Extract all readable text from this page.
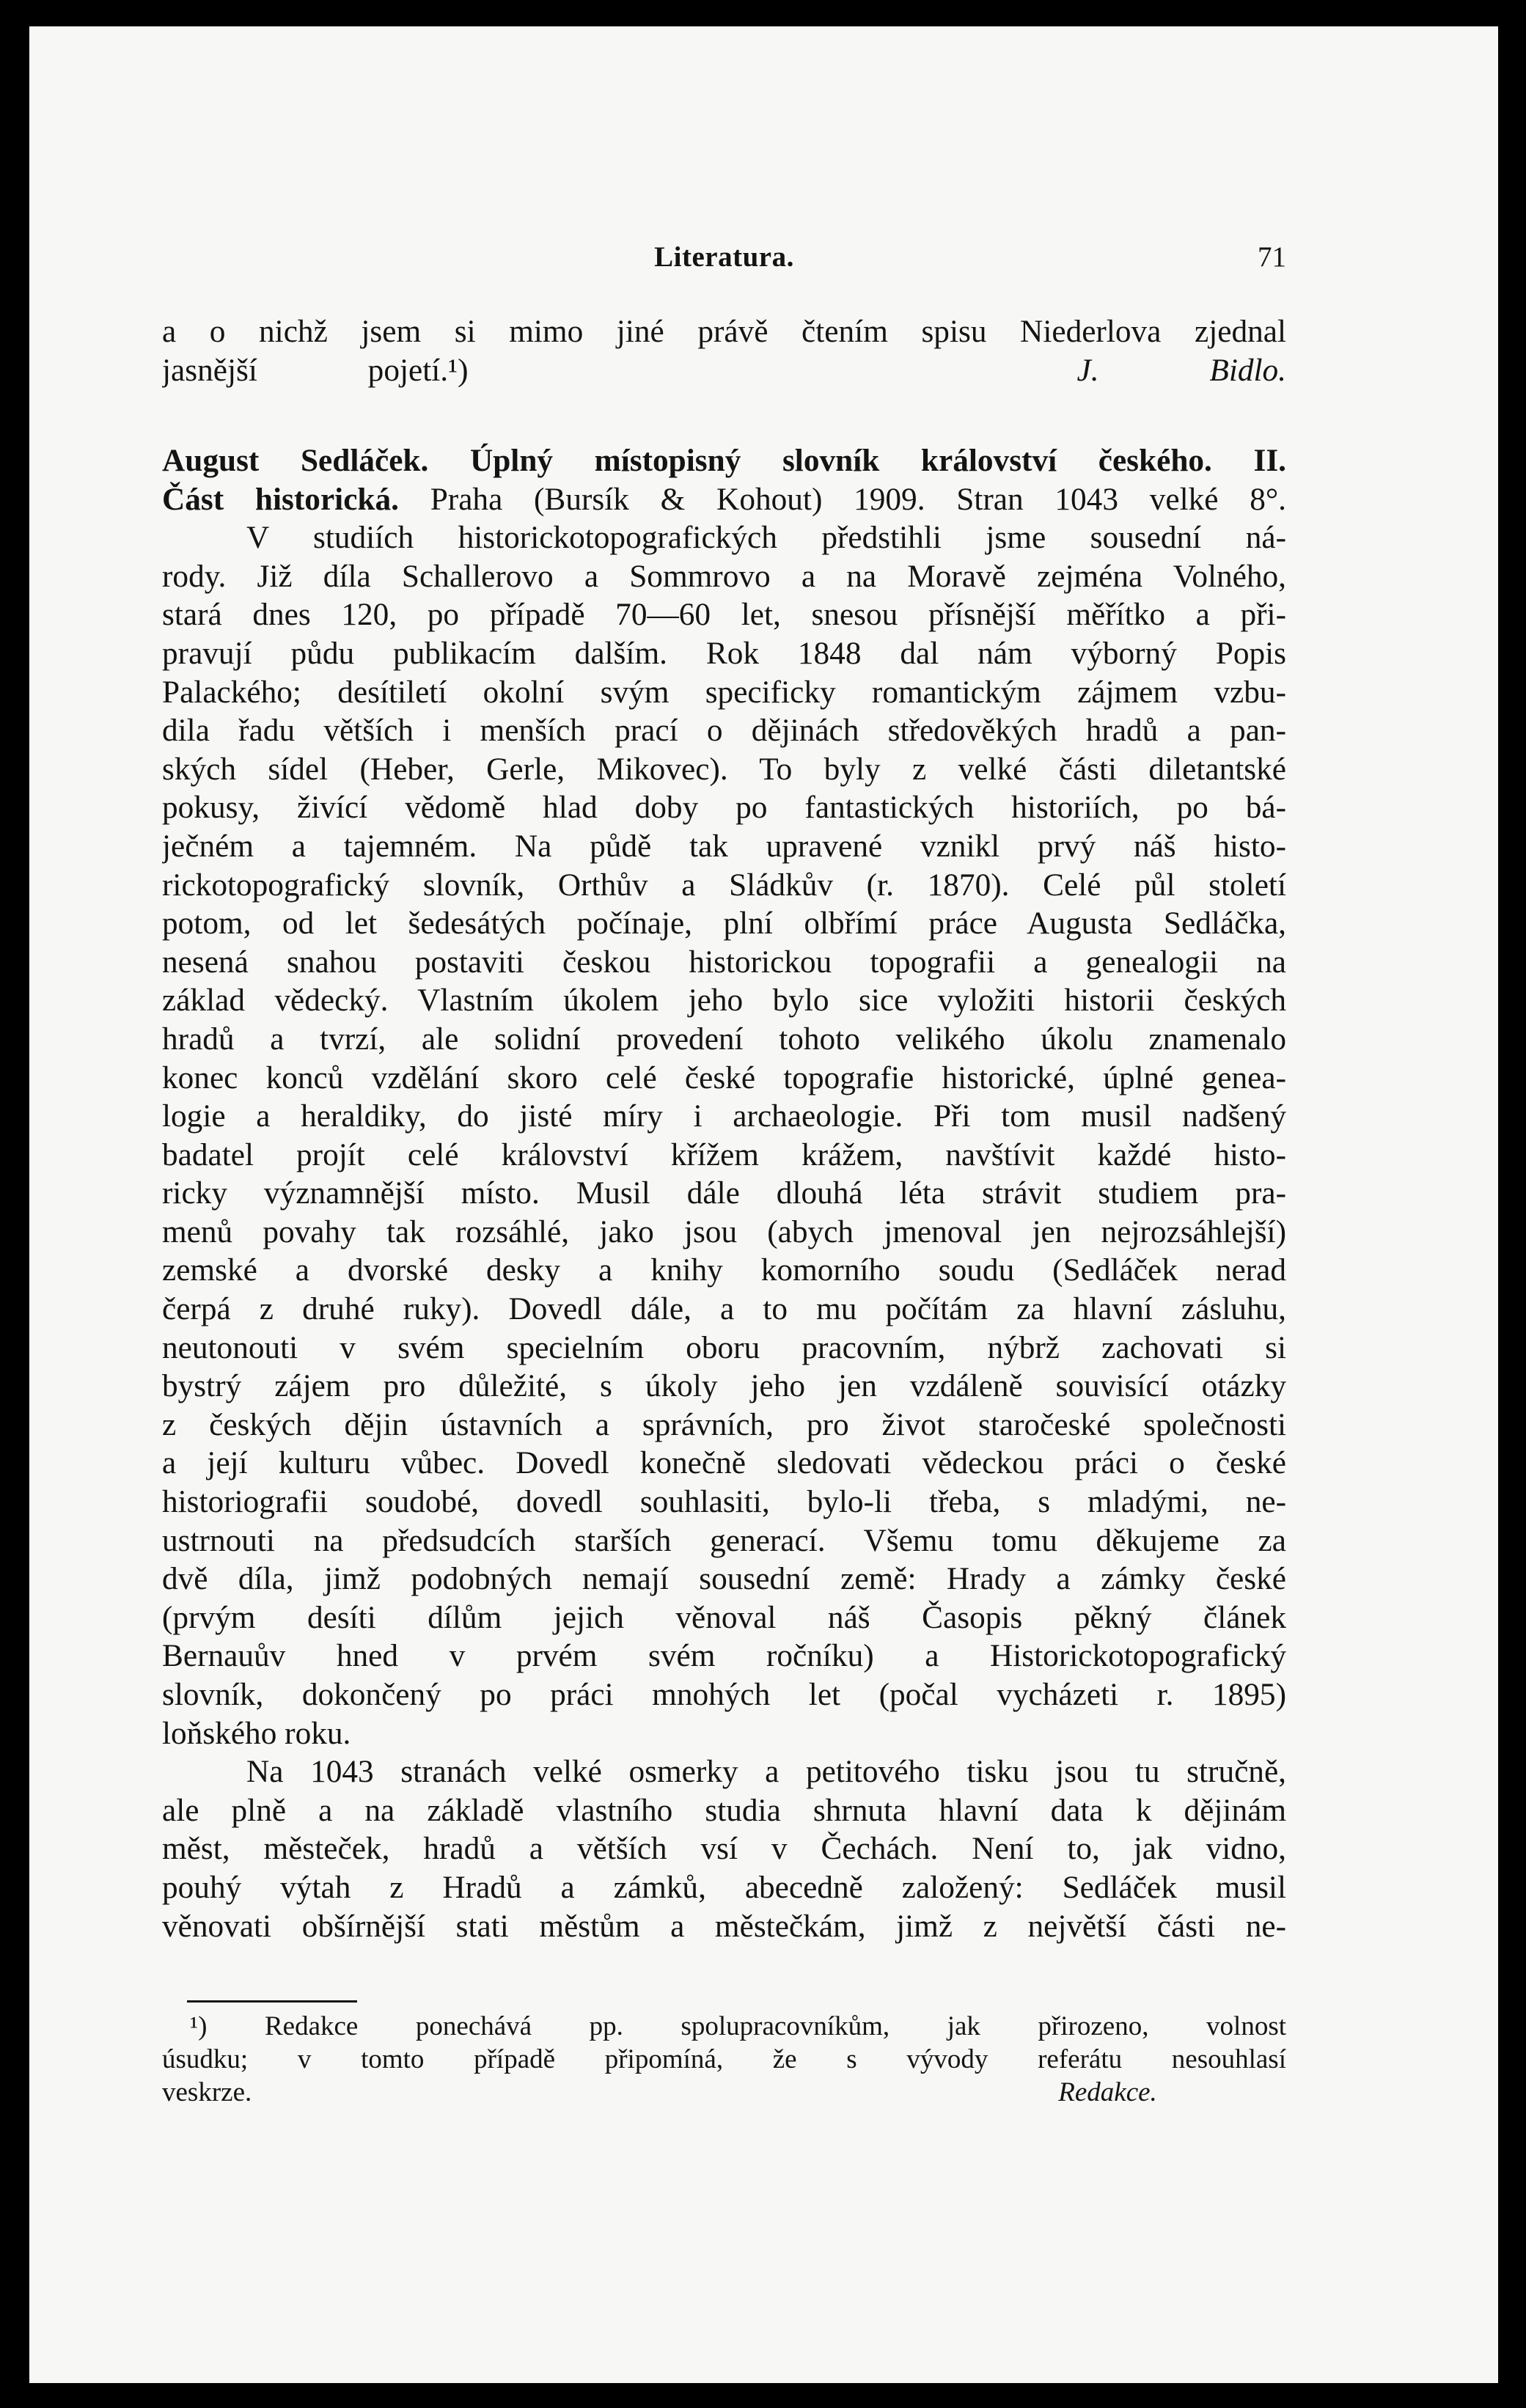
Literatura.	71
a o nichž jsem si mimo jiné právě čtením spisu Niederlova zjednal
jasnější pojetí.¹)	J. Bidlo.
August Sedláček. Úplný místopisný slovník království českého. II.
Část historická. Praha (Bursík & Kohout) 1909. Stran 1043 velké 8°.
V studiích historickotopografických předstihli jsme sousední ná-
rody. Již díla Schallerovo a Sommrovo a na Moravě zejména Volného,
stará dnes 120, po případě 70—60 let, snesou přísnější měřítko a při-
pravují půdu publikacím dalším. Rok 1848 dal nám výborný Popis
Palackého; desítiletí okolní svým specificky romantickým zájmem vzbu-
dila řadu větších i menších prací o dějinách středověkých hradů a pan-
ských sídel (Heber, Gerle, Mikovec). To byly z velké části diletantské
pokusy, živící vědomě hlad doby po fantastických historiích, po bá-
ječném a tajemném. Na půdě tak upravené vznikl prvý náš histo-
rickotopografický slovník, Orthův a Sládkův (r. 1870). Celé půl století
potom, od let šedesátých počínaje, plní olbřímí práce Augusta Sedláčka,
nesená snahou postaviti českou historickou topografii a genealogii na
základ vědecký. Vlastním úkolem jeho bylo sice vyložiti historii českých
hradů a tvrzí, ale solidní provedení tohoto velikého úkolu znamenalo
konec konců vzdělání skoro celé české topografie historické, úplné genea-
logie a heraldiky, do jisté míry i archaeologie. Při tom musil nadšený
badatel projít celé království křížem krážem, navštívit každé histo-
ricky významnější místo. Musil dále dlouhá léta strávit studiem pra-
menů povahy tak rozsáhlé, jako jsou (abych jmenoval jen nejrozsáhlejší)
zemské a dvorské desky a knihy komorního soudu (Sedláček nerad
čerpá z druhé ruky). Dovedl dále, a to mu počítám za hlavní zásluhu,
neutonouti v svém specielním oboru pracovním, nýbrž zachovati si
bystrý zájem pro důležité, s úkoly jeho jen vzdáleně souvisící otázky
z českých dějin ústavních a správních, pro život staročeské společnosti
a její kulturu vůbec. Dovedl konečně sledovati vědeckou práci o české
historiografii soudobé, dovedl souhlasiti, bylo-li třeba, s mladými, ne-
ustrnouti na předsudcích starších generací. Všemu tomu děkujeme za
dvě díla, jimž podobných nemají sousední země: Hrady a zámky české
(prvým desíti dílům jejich věnoval náš Časopis pěkný článek
Bernauův hned v prvém svém ročníku) a Historickotopografický
slovník, dokončený po práci mnohých let (počal vycházeti r. 1895)
loňského roku.
Na 1043 stranách velké osmerky a petitového tisku jsou tu stručně,
ale plně a na základě vlastního studia shrnuta hlavní data k dějinám
měst, městeček, hradů a větších vsí v Čechách. Není to, jak vidno,
pouhý výtah z Hradů a zámků, abecedně založený: Sedláček musil
věnovati obšírnější stati městům a městečkám, jimž z největší části ne-
¹) Redakce ponechává pp. spolupracovníkům, jak přirozeno, volnost
úsudku; v tomto případě připomíná, že s vývody referátu nesouhlasí
veskrze.	Redakce.
